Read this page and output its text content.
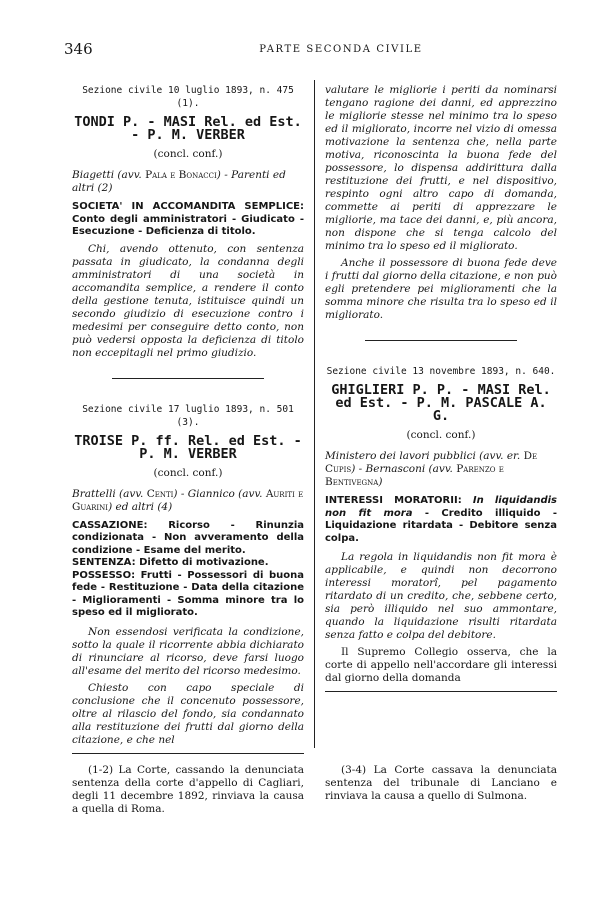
346	PARTE SECONDA CIVILE
Sezione civile 10 luglio 1893, n. 475 (1).
TONDI P. - MASI Rel. ed Est. - P. M. VERBER
(concl. conf.)
Biagetti (avv. Pala e Bonacci) - Parenti ed altri (2)
SOCIETA' IN ACCOMANDITA SEMPLICE: Conto degli amministratori - Giudicato - Esecuzione - Deficienza di titolo.

Chi, avendo ottenuto, con sentenza passata in giudicato, la condanna degli amministratori di una società in accomandita semplice, a rendere il conto della gestione tenuta, istituisce quindi un secondo giudizio di esecuzione contro i medesimi per conseguire detto conto, non può vedersi opposta la deficienza di titolo non eccepitagli nel primo giudizio.

Sezione civile 17 luglio 1893, n. 501 (3).
TROISE P. ff. Rel. ed Est. - P. M. VERBER
(concl. conf.)
Brattelli (avv. Centi) - Giannico (avv. Auriti e Guarini) ed altri (4)
CASSAZIONE: Ricorso - Rinunzia condizionata - Non avveramento della condizione - Esame del merito.
SENTENZA: Difetto di motivazione.
POSSESSO: Frutti - Possessori di buona fede - Restituzione - Data della citazione - Miglioramenti - Somma minore tra lo speso ed il migliorato.

Non essendosi verificata la condizione, sotto la quale il ricorrente abbia dichiarato di rinunciare al ricorso, deve farsi luogo all'esame del merito del ricorso medesimo.

Chiesto con capo speciale di conclusione che il concenuto possessore, oltre al rilascio del fondo, sia condannato alla restituzione dei frutti dal giorno della citazione, e che nel

valutare le migliorie i periti da nominarsi tengano ragione dei danni, ed apprezzino le migliorie stesse nel minimo tra lo speso ed il migliorato, incorre nel vizio di omessa motivazione la sentenza che, nella parte motiva, riconoscinta la buona fede del possessore, lo dispensa addirittura dalla restituzione dei frutti, e nel dispositivo, respinto ogni altro capo di domanda, commette ai periti di apprezzare le migliorie, ma tace dei danni, e, più ancora, non dispone che si tenga calcolo del minimo tra lo speso ed il migliorato.

Anche il possessore di buona fede deve i frutti dal giorno della citazione, e non può egli pretendere pei miglioramenti che la somma minore che risulta tra lo speso ed il migliorato.

Sezione civile 13 novembre 1893, n. 640.
GHIGLIERI P. P. - MASI Rel. ed Est. - P. M. PASCALE A. G.
(concl. conf.)
Ministero dei lavori pubblici (avv. er. De Cupis) - Bernasconi (avv. Parenzo e Bentivegna)
INTERESSI MORATORII: In liquidandis non fit mora - Credito illiquido - Liquidazione ritardata - Debitore senza colpa.

La regola in liquidandis non fit mora è applicabile, e quindi non decorrono interessi moratorî, pel pagamento ritardato di un credito, che, sebbene certo, sia però illiquido nel suo ammontare, quando la liquidazione risulti ritardata senza fatto e colpa del debitore.

Il Supremo Collegio osserva, che la corte di appello nell'accordare gli interessi dal giorno della domanda

(1-2) La Corte, cassando la denunciata sentenza della corte d'appello di Cagliari, degli 11 decembre 1892, rinviava la causa a quella di Roma.

(3-4) La Corte cassava la denunciata sentenza del tribunale di Lanciano e rinviava la causa a quello di Sulmona.
